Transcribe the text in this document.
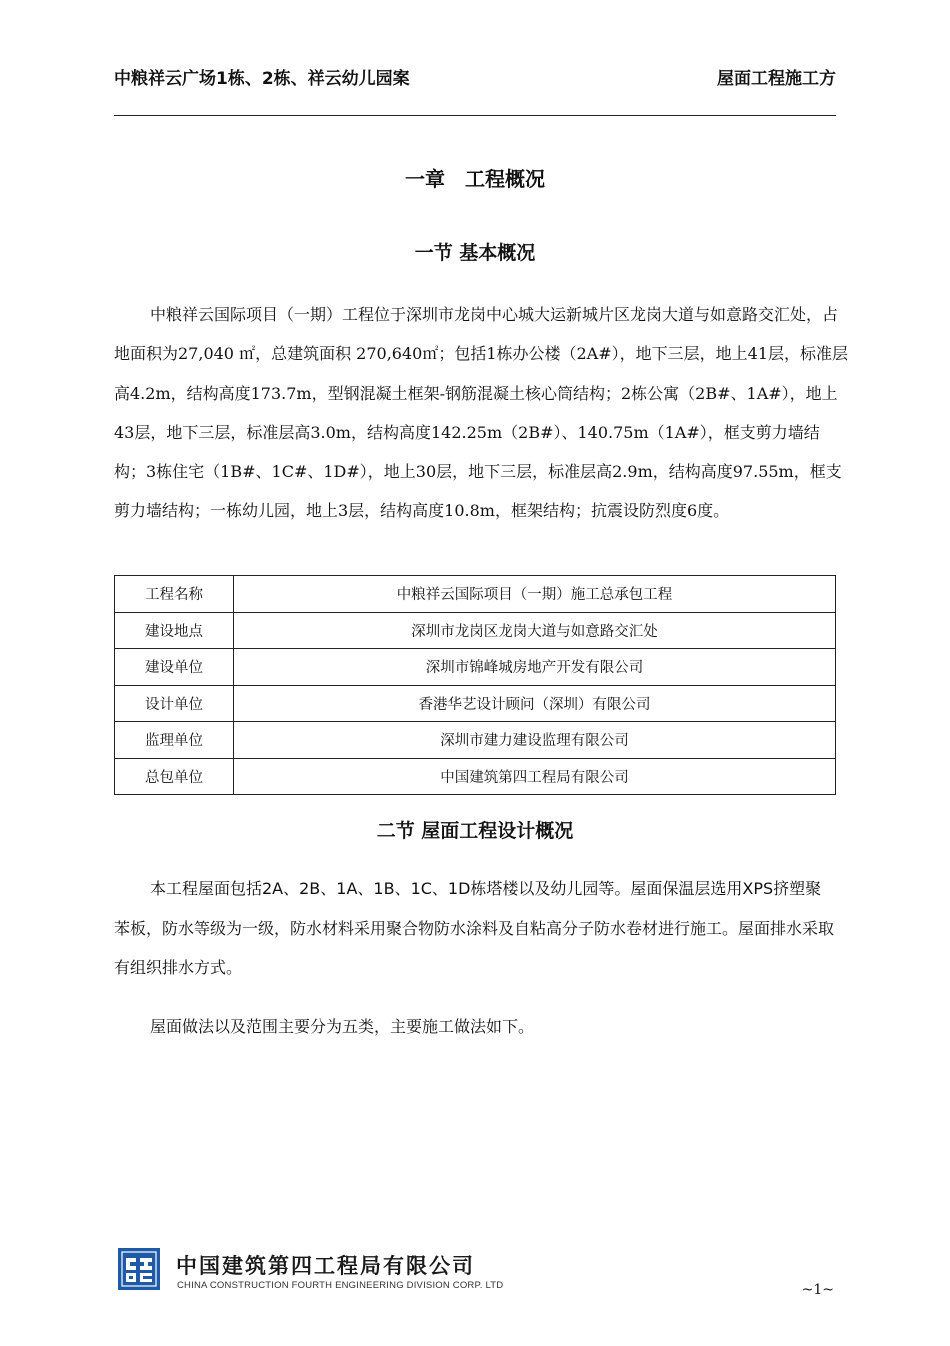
中粮祥云广场1栋、2栋、祥云幼儿园案	屋面工程施工方
一章　工程概况
一节 基本概况
中粮祥云国际项目（一期）工程位于深圳市龙岗中心城大运新城片区龙岗大道与如意路交汇处，占地面积为27,040 ㎡，总建筑面积 270,640㎡；包括1栋办公楼（2A#），地下三层，地上41层，标准层高4.2m，结构高度173.7m，型钢混凝土框架-钢筋混凝土核心筒结构；2栋公寓（2B#、1A#），地上43层，地下三层，标准层高3.0m，结构高度142.25m（2B#）、140.75m（1A#），框支剪力墙结构；3栋住宅（1B#、1C#、1D#），地上30层，地下三层，标准层高2.9m，结构高度97.55m，框支剪力墙结构；一栋幼儿园，地上3层，结构高度10.8m，框架结构；抗震设防烈度6度。
工程名称	中粮祥云国际项目（一期）施工总承包工程
建设地点	深圳市龙岗区龙岗大道与如意路交汇处
建设单位	深圳市锦峰城房地产开发有限公司
设计单位	香港华艺设计顾问（深圳）有限公司
监理单位	深圳市建力建设监理有限公司
总包单位	中国建筑第四工程局有限公司
二节 屋面工程设计概况
本工程屋面包括2A、2B、1A、1B、1C、1D栋塔楼以及幼儿园等。屋面保温层选用XPS挤塑聚苯板，防水等级为一级，防水材料采用聚合物防水涂料及自粘高分子防水卷材进行施工。屋面排水采取有组织排水方式。
屋面做法以及范围主要分为五类，主要施工做法如下。
中国建筑第四工程局有限公司
CHINA CONSTRUCTION FOURTH ENGINEERING DIVISION CORP. LTD	~1~
